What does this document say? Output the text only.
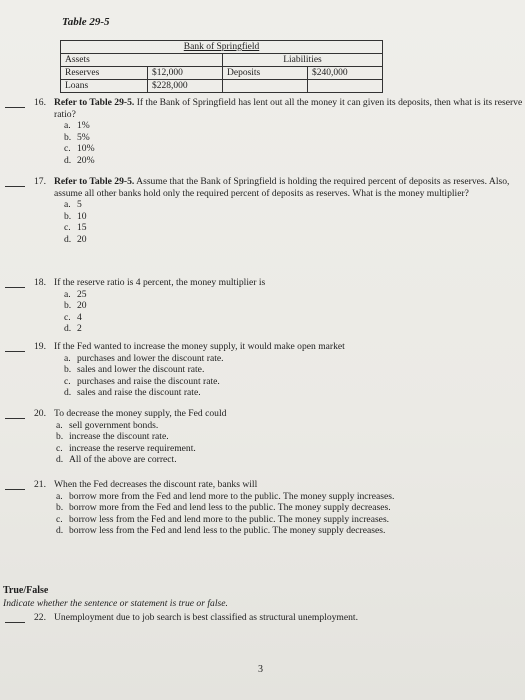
Table 29-5
Bank of Springfield			
Assets		Liabilities	
Reserves	$12,000	Deposits	$240,000
Loans	$228,000		
16. Refer to Table 29-5. If the Bank of Springfield has lent out all the money it can given its deposits, then what is its reserve ratio?
a. 1%
b. 5%
c. 10%
d. 20%
17. Refer to Table 29-5. Assume that the Bank of Springfield is holding the required percent of deposits as reserves. Also, assume all other banks hold only the required percent of deposits as reserves. What is the money multiplier?
a. 5
b. 10
c. 15
d. 20
18. If the reserve ratio is 4 percent, the money multiplier is
a. 25
b. 20
c. 4
d. 2
19. If the Fed wanted to increase the money supply, it would make open market
a. purchases and lower the discount rate.
b. sales and lower the discount rate.
c. purchases and raise the discount rate.
d. sales and raise the discount rate.
20. To decrease the money supply, the Fed could
a. sell government bonds.
b. increase the discount rate.
c. increase the reserve requirement.
d. All of the above are correct.
21. When the Fed decreases the discount rate, banks will
a. borrow more from the Fed and lend more to the public. The money supply increases.
b. borrow more from the Fed and lend less to the public. The money supply decreases.
c. borrow less from the Fed and lend more to the public. The money supply increases.
d. borrow less from the Fed and lend less to the public. The money supply decreases.
True/False
Indicate whether the sentence or statement is true or false.
22. Unemployment due to job search is best classified as structural unemployment.
3
